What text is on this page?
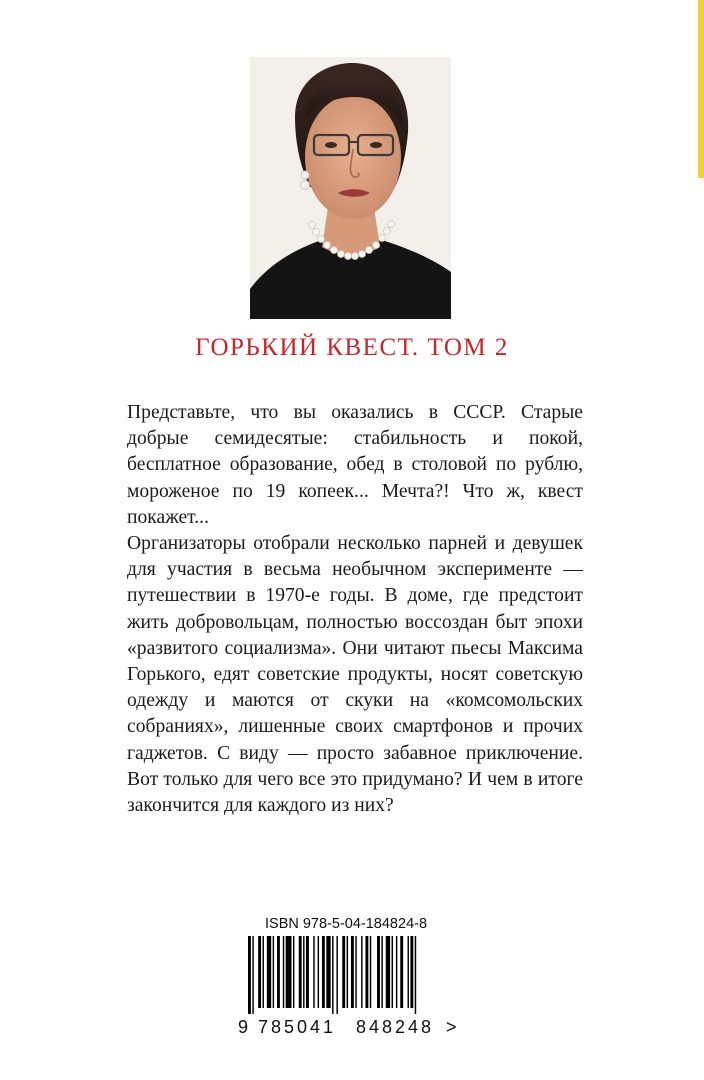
ГОРЬКИЙ КВЕСТ. ТОМ 2

Представьте, что вы оказались в СССР. Старые добрые семидесятые: стабильность и покой, бесплатное образование, обед в столовой по рублю, мороженое по 19 копеек... Мечта?! Что ж, квест покажет...

Организаторы отобрали несколько парней и девушек для участия в весьма необычном эксперименте — путешествии в 1970-е годы. В доме, где предстоит жить добровольцам, полностью воссоздан быт эпохи «развитого социализма». Они читают пьесы Максима Горького, едят советские продукты, носят советскую одежду и маются от скуки на «комсомольских собраниях», лишенные своих смартфонов и прочих гаджетов. С виду — просто забавное приключение. Вот только для чего все это придумано? И чем в итоге закончится для каждого из них?

ISBN 978-5-04-184824-8
9 785041 848248 >
